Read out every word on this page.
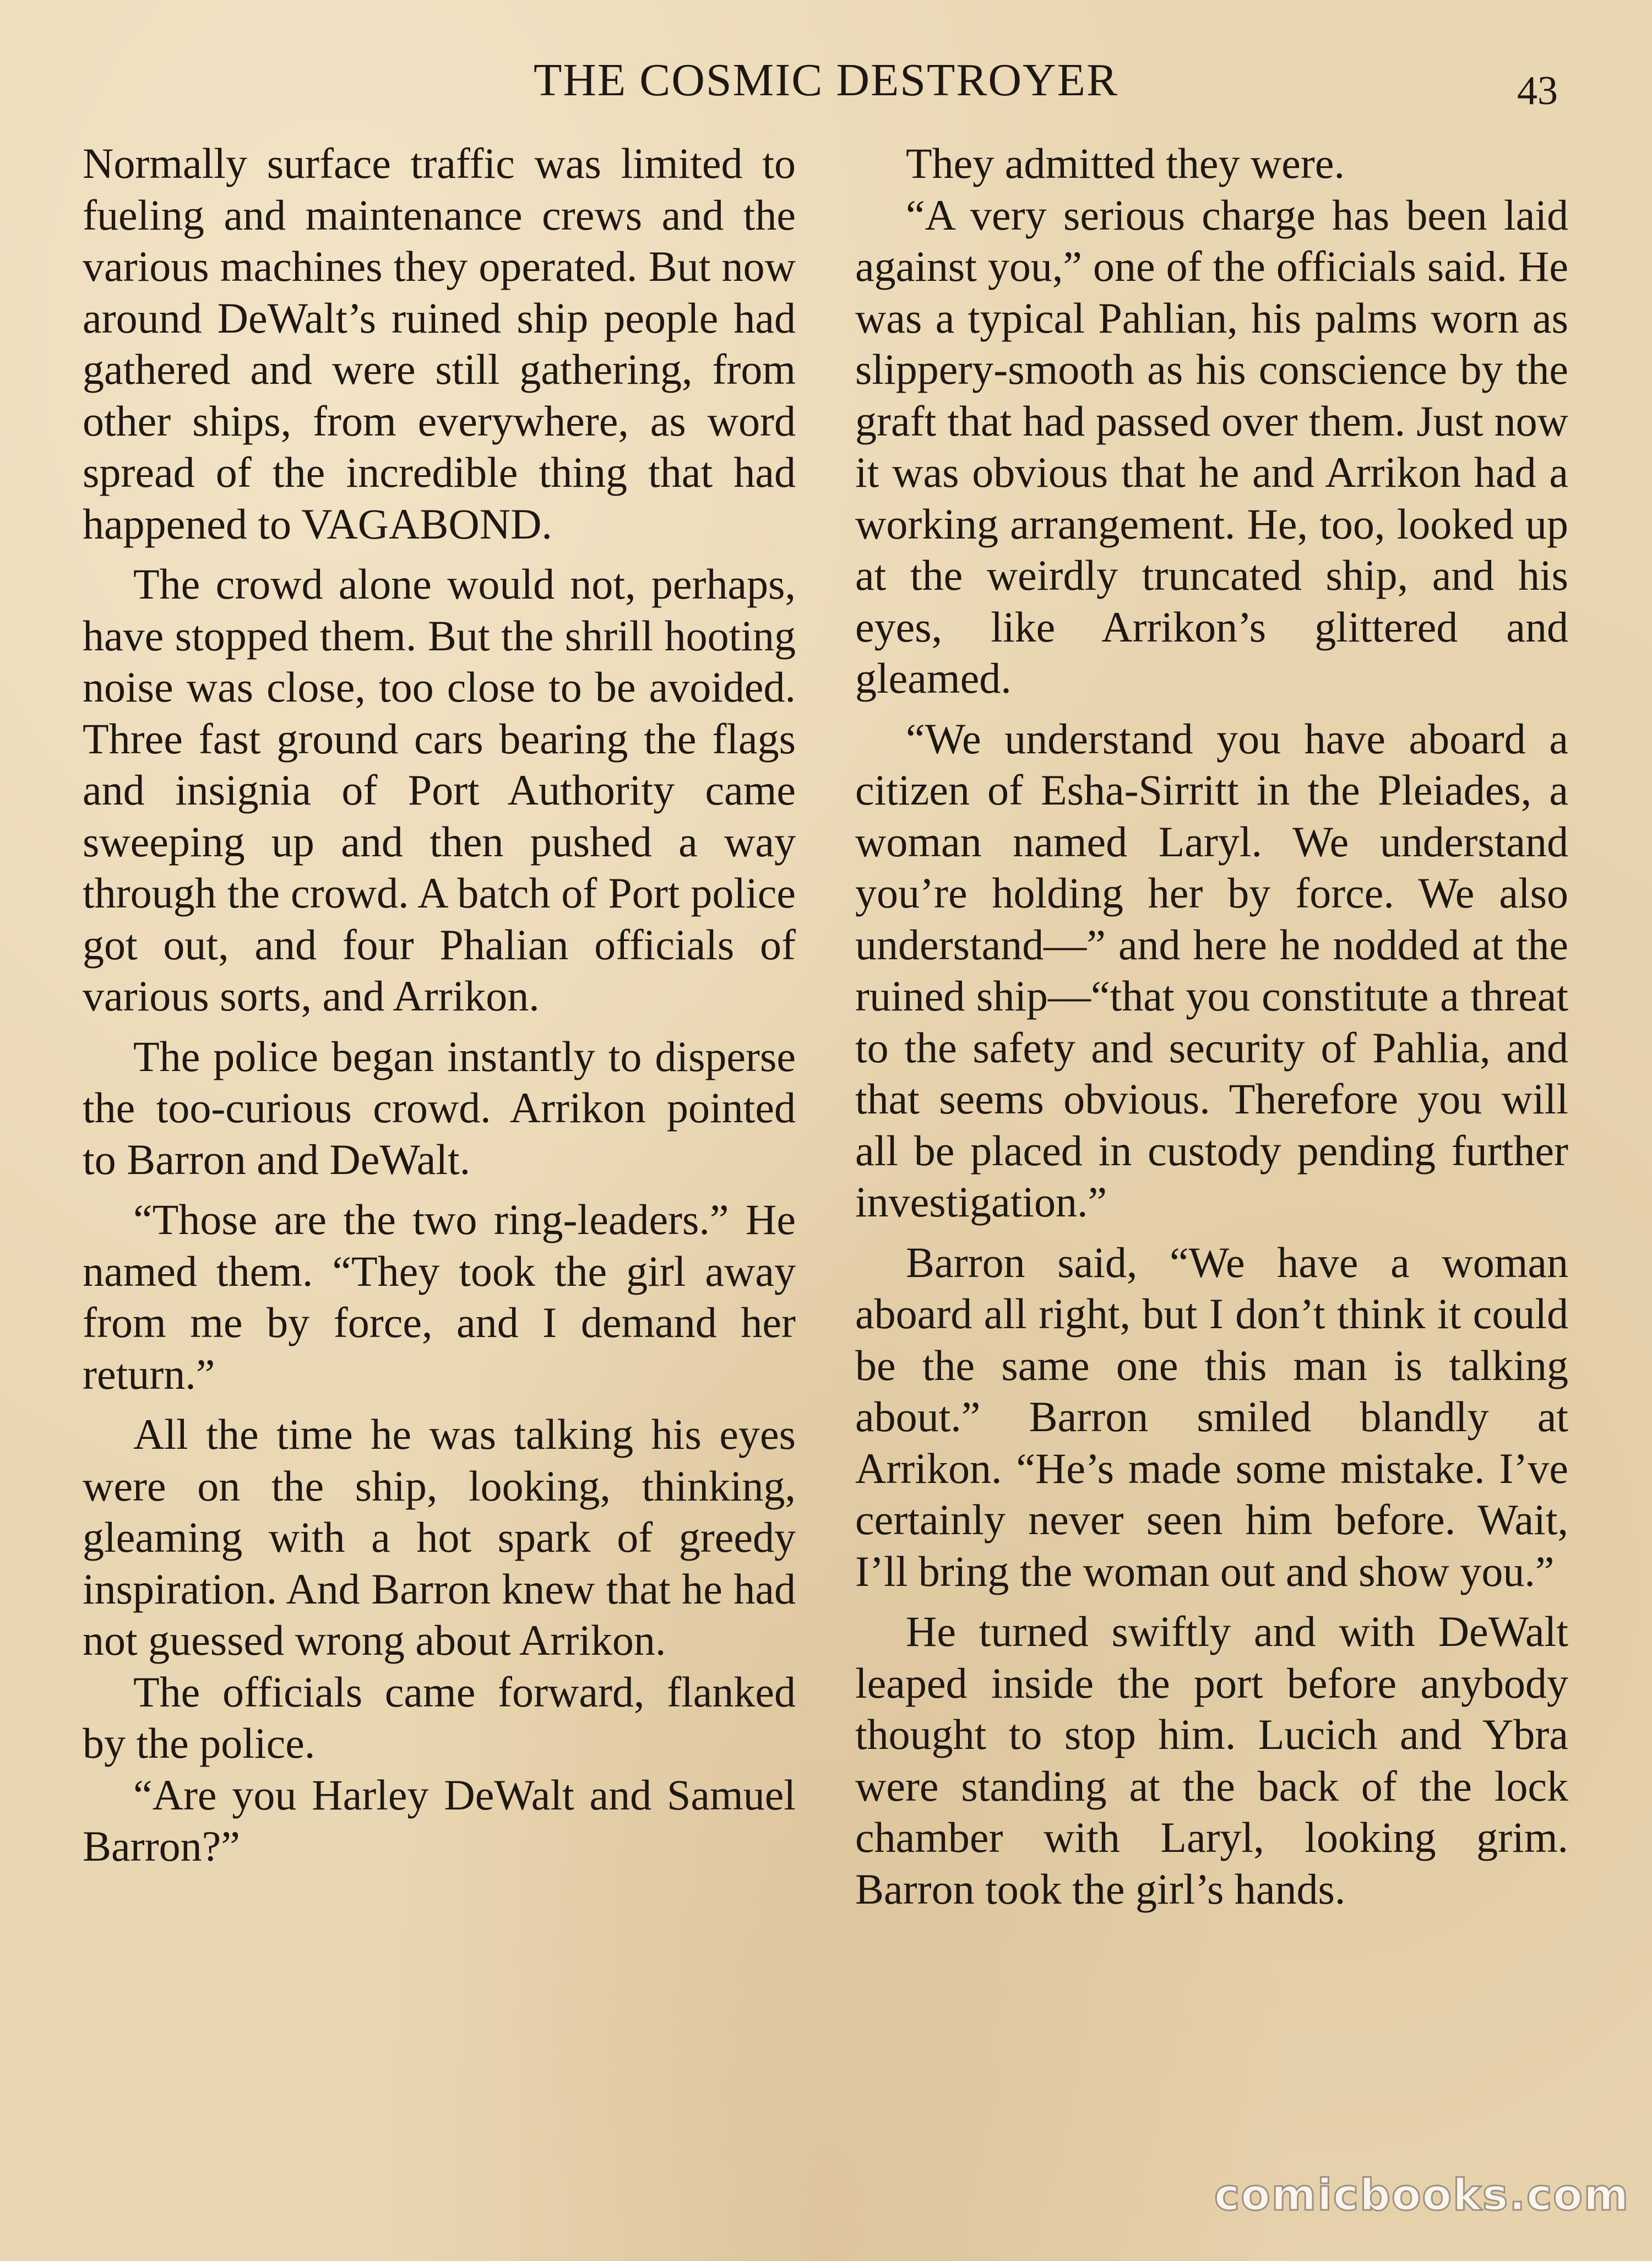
THE COSMIC DESTROYER	43

Normally surface traffic was limited to fueling and maintenance crews and the various machines they operated. But now around DeWalt’s ruined ship people had gathered and were still gathering, from other ships, from everywhere, as word spread of the incredible thing that had happened to VAGABOND.

The crowd alone would not, perhaps, have stopped them. But the shrill hooting noise was close, too close to be avoided. Three fast ground cars bearing the flags and insignia of Port Authority came sweeping up and then pushed a way through the crowd. A batch of Port police got out, and four Phalian officials of various sorts, and Arrikon.

The police began instantly to disperse the too-curious crowd. Arrikon pointed to Barron and DeWalt.

“Those are the two ring-leaders.” He named them. “They took the girl away from me by force, and I demand her return.”

All the time he was talking his eyes were on the ship, looking, thinking, gleaming with a hot spark of greedy inspiration. And Barron knew that he had not guessed wrong about Arrikon.

The officials came forward, flanked by the police.

“Are you Harley DeWalt and Samuel Barron?”

They admitted they were.

“A very serious charge has been laid against you,” one of the officials said. He was a typical Pahlian, his palms worn as slippery-smooth as his conscience by the graft that had passed over them. Just now it was obvious that he and Arrikon had a working arrangement. He, too, looked up at the weirdly truncated ship, and his eyes, like Arrikon’s glittered and gleamed.

“We understand you have aboard a citizen of Esha-Sirritt in the Pleiades, a woman named Laryl. We understand you’re holding her by force. We also understand—” and here he nodded at the ruined ship—“that you constitute a threat to the safety and security of Pahlia, and that seems obvious. Therefore you will all be placed in custody pending further investigation.”

Barron said, “We have a woman aboard all right, but I don’t think it could be the same one this man is talking about.” Barron smiled blandly at Arrikon. “He’s made some mistake. I’ve certainly never seen him before. Wait, I’ll bring the woman out and show you.”

He turned swiftly and with DeWalt leaped inside the port before anybody thought to stop him. Lucich and Ybra were standing at the back of the lock chamber with Laryl, looking grim. Barron took the girl’s hands.

comicbooks.com
